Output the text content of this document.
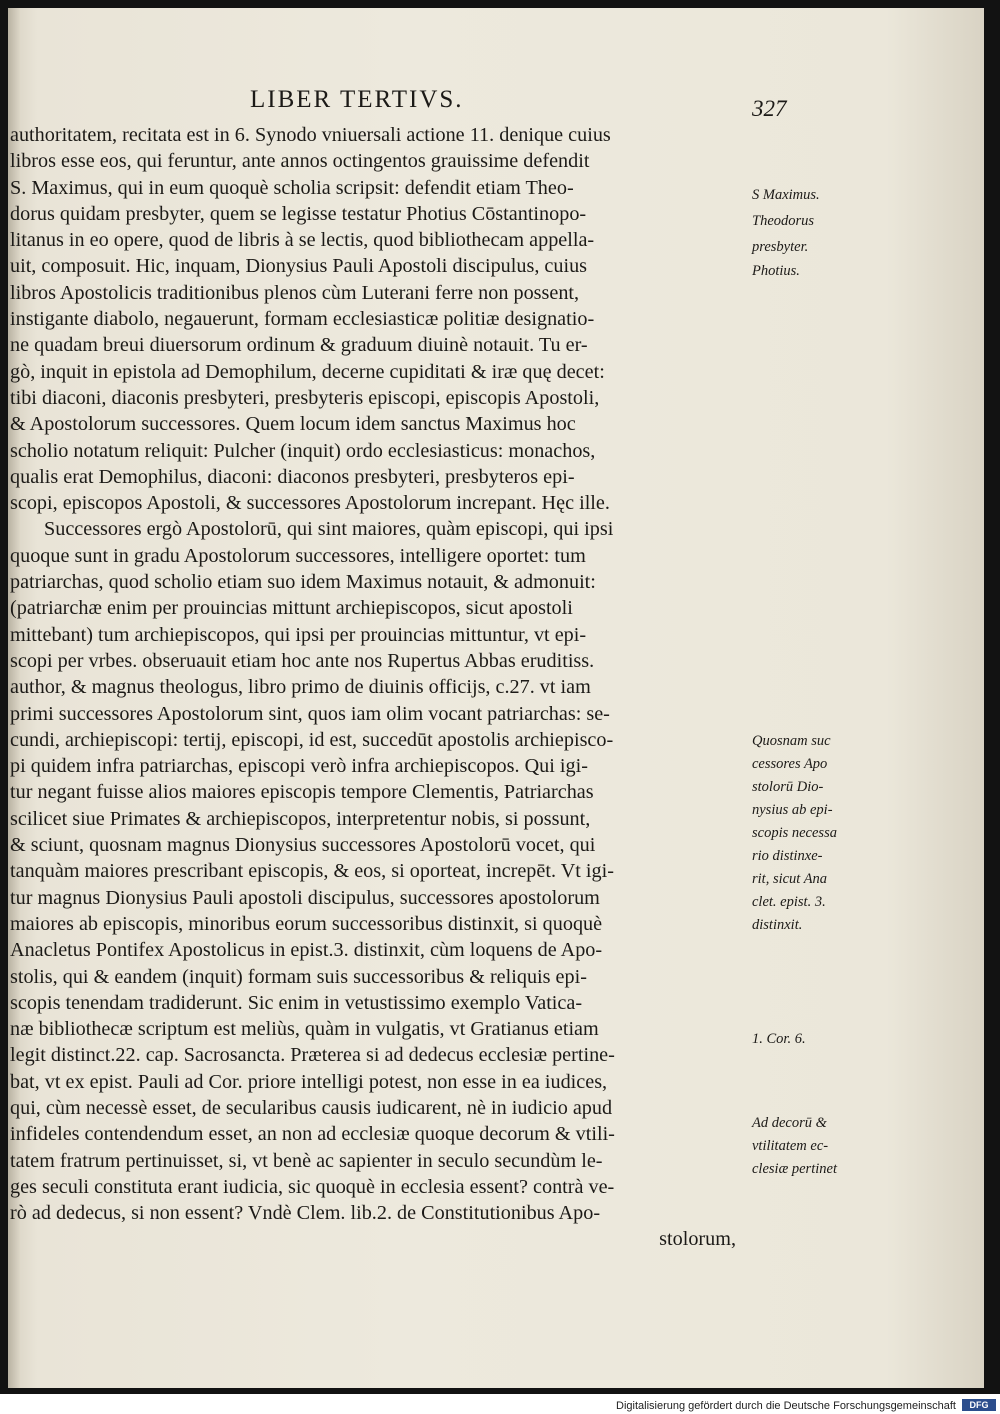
LIBER TERTIVS.	327
authoritatem, recitata est in 6. Synodo vniuersali actione 11. denique cuius
libros esse eos, qui feruntur, ante annos octingentos grauissime defendit
S. Maximus, qui in eum quoquè scholia scripsit: defendit etiam Theo-
dorus quidam presbyter, quem se legisse testatur Photius Cōstantinopo-
litanus in eo opere, quod de libris à se lectis, quod bibliothecam appella-
uit, composuit. Hic, inquam, Dionysius Pauli Apostoli discipulus, cuius
libros Apostolicis traditionibus plenos cùm Luterani ferre non possent,
instigante diabolo, negauerunt, formam ecclesiasticæ politiæ designatio-
ne quadam breui diuersorum ordinum & graduum diuinè notauit. Tu er-
gò, inquit in epistola ad Demophilum, decerne cupiditati & iræ quę decet:
tibi diaconi, diaconis presbyteri, presbyteris episcopi, episcopis Apostoli,
& Apostolorum successores. Quem locum idem sanctus Maximus hoc
scholio notatum reliquit: Pulcher (inquit) ordo ecclesiasticus: monachos,
qualis erat Demophilus, diaconi: diaconos presbyteri, presbyteros epi-
scopi, episcopos Apostoli, & successores Apostolorum increpant. Hęc ille.
Successores ergò Apostolorū, qui sint maiores, quàm episcopi, qui ipsi
quoque sunt in gradu Apostolorum successores, intelligere oportet: tum
patriarchas, quod scholio etiam suo idem Maximus notauit, & admonuit:
(patriarchæ enim per prouincias mittunt archiepiscopos, sicut apostoli
mittebant) tum archiepiscopos, qui ipsi per prouincias mittuntur, vt epi-
scopi per vrbes. obseruauit etiam hoc ante nos Rupertus Abbas eruditiss.
author, & magnus theologus, libro primo de diuinis officijs, c.27. vt iam
primi successores Apostolorum sint, quos iam olim vocant patriarchas: se-
cundi, archiepiscopi: tertij, episcopi, id est, succedūt apostolis archiepisco-
pi quidem infra patriarchas, episcopi verò infra archiepiscopos. Qui igi-
tur negant fuisse alios maiores episcopis tempore Clementis, Patriarchas
scilicet siue Primates & archiepiscopos, interpretentur nobis, si possunt,
& sciunt, quosnam magnus Dionysius successores Apostolorū vocet, qui
tanquàm maiores prescribant episcopis, & eos, si oporteat, increpēt. Vt igi-
tur magnus Dionysius Pauli apostoli discipulus, successores apostolorum
maiores ab episcopis, minoribus eorum successoribus distinxit, si quoquè
Anacletus Pontifex Apostolicus in epist.3. distinxit, cùm loquens de Apo-
stolis, qui & eandem (inquit) formam suis successoribus & reliquis epi-
scopis tenendam tradiderunt. Sic enim in vetustissimo exemplo Vatica-
næ bibliothecæ scriptum est meliùs, quàm in vulgatis, vt Gratianus etiam
legit distinct.22. cap. Sacrosancta. Præterea si ad dedecus ecclesiæ pertine-
bat, vt ex epist. Pauli ad Cor. priore intelligi potest, non esse in ea iudices,
qui, cùm necessè esset, de secularibus causis iudicarent, nè in iudicio apud
infideles contendendum esset, an non ad ecclesiæ quoque decorum & vtili-
tatem fratrum pertinuisset, si, vt benè ac sapienter in seculo secundùm le-
ges seculi constituta erant iudicia, sic quoquè in ecclesia essent? contrà ve-
rò ad dedecus, si non essent? Vndè Clem. lib.2. de Constitutionibus Apo-
stolorum,
S Maximus.
Theodorus
presbyter.
Photius.
Quosnam suc
cessores Apo
stolorū Dio-
nysius ab epi-
scopis necessa
rio distinxe-
rit, sicut Ana
clet. epist. 3.
distinxit.
1. Cor. 6.
Ad decorū &
vtilitatem ec-
clesiæ pertinet
Digitalisierung gefördert durch die Deutsche Forschungsgemeinschaft	DFG
